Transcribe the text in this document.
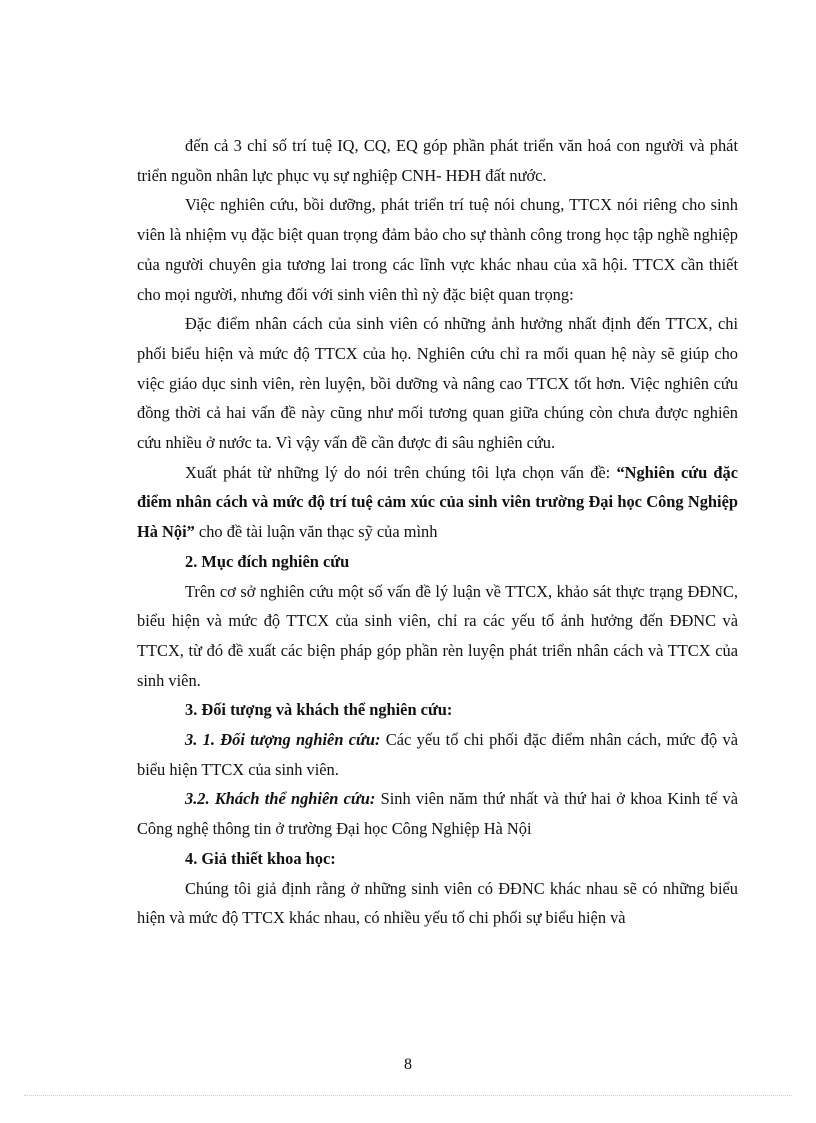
đến cả 3 chỉ số trí tuệ IQ, CQ, EQ góp phần phát triển văn hoá con người và phát triển nguồn nhân lực phục vụ sự nghiệp CNH- HĐH đất nước.

Việc nghiên cứu, bồi dưỡng, phát triển trí tuệ nói chung, TTCX nói riêng cho sinh viên là nhiệm vụ đặc biệt quan trọng đảm bảo cho sự thành công trong học tập nghề nghiệp của người chuyên gia tương lai trong các lĩnh vực khác nhau của xã hội. TTCX cần thiết cho mọi người, nhưng đối với sinh viên thì nỳ đặc biệt quan trọng:

Đặc điểm nhân cách của sinh viên có những ảnh hưởng nhất định đến TTCX, chi phối biểu hiện và mức độ TTCX của họ. Nghiên cứu chỉ ra mối quan hệ này sẽ giúp cho việc giáo dục sinh viên, rèn luyện, bồi dưỡng và nâng cao TTCX tốt hơn. Việc nghiên cứu đồng thời cả hai vấn đề này cũng như mối tương quan giữa chúng còn chưa được nghiên cứu nhiều ở nước ta. Vì vậy vấn đề cần được đi sâu nghiên cứu.

Xuất phát từ những lý do nói trên chúng tôi lựa chọn vấn đề: “Nghiên cứu đặc điểm nhân cách và mức độ trí tuệ cảm xúc của sinh viên trường Đại học Công Nghiệp Hà Nội” cho đề tài luận văn thạc sỹ của mình

2. Mục đích nghiên cứu

Trên cơ sở nghiên cứu một số vấn đề lý luận về TTCX, khảo sát thực trạng ĐĐNC, biểu hiện và mức độ TTCX của sinh viên, chỉ ra các yếu tố ảnh hưởng đến ĐĐNC và TTCX, từ đó đề xuất các biện pháp góp phần rèn luyện phát triển nhân cách và TTCX của sinh viên.

3. Đối tượng và khách thể nghiên cứu:

3. 1. Đối tượng nghiên cứu: Các yếu tố chi phối đặc điểm nhân cách, mức độ và biểu hiện TTCX của sinh viên.

3.2. Khách thể nghiên cứu: Sinh viên năm thứ nhất và thứ hai ở khoa Kinh tế và Công nghệ thông tin ở trường Đại học Công Nghiệp Hà Nội

4. Giả thiết khoa học:

Chúng tôi giả định rằng ở những sinh viên có ĐĐNC khác nhau sẽ có những biểu hiện và mức độ TTCX khác nhau, có nhiều yếu tố chi phối sự biểu hiện và

8
